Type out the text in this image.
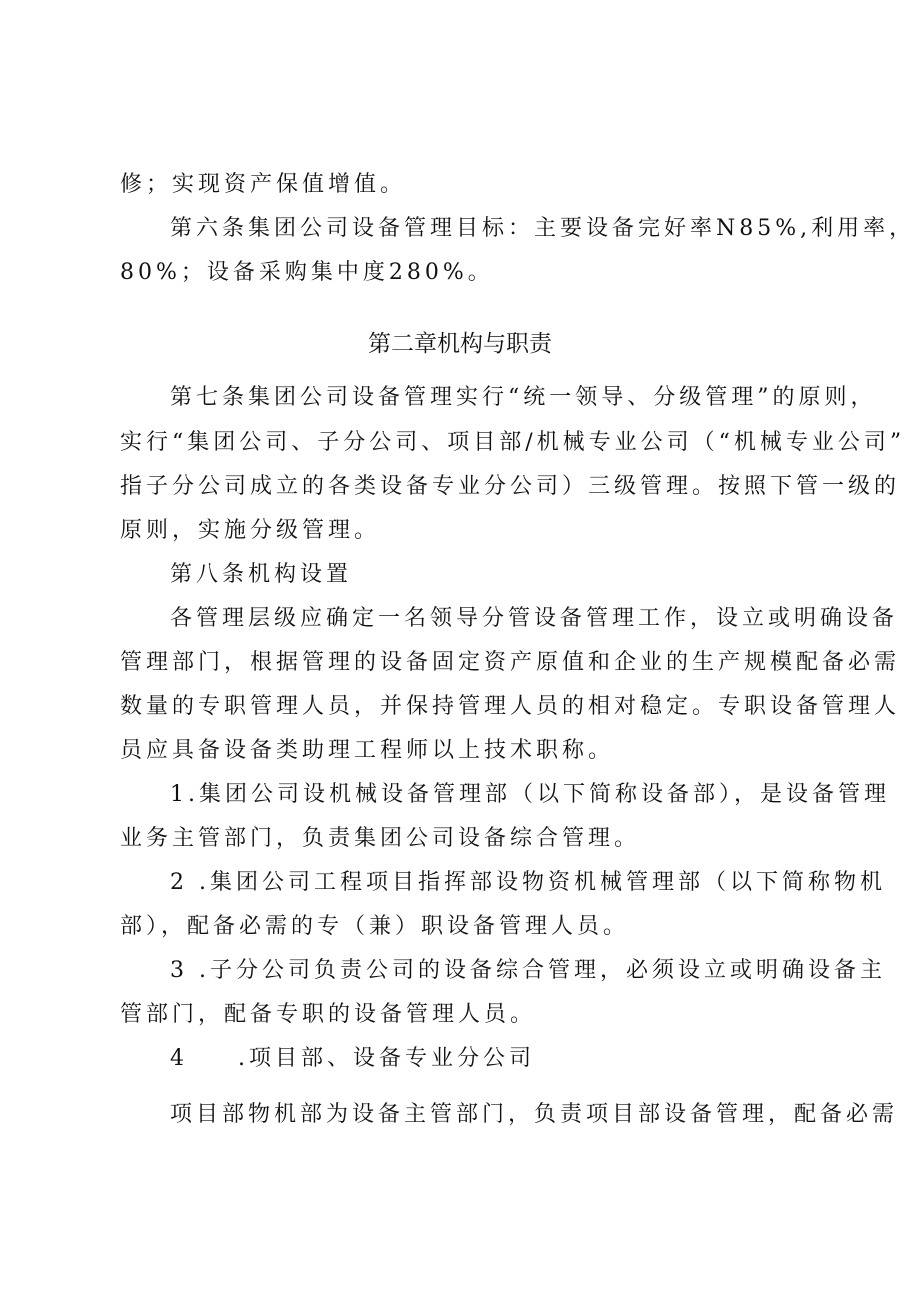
修；实现资产保值增值。
第六条集团公司设备管理目标：主要设备完好率N85%,利用率，
80%；设备采购集中度280%。
第二章机构与职责
第七条集团公司设备管理实行“统一领导、分级管理”的原则，
实行“集团公司、子分公司、项目部/机械专业公司（“机械专业公司”
指子分公司成立的各类设备专业分公司）三级管理。按照下管一级的
原则，实施分级管理。
第八条机构设置
各管理层级应确定一名领导分管设备管理工作，设立或明确设备
管理部门，根据管理的设备固定资产原值和企业的生产规模配备必需
数量的专职管理人员，并保持管理人员的相对稳定。专职设备管理人
员应具备设备类助理工程师以上技术职称。
1.集团公司设机械设备管理部（以下简称设备部），是设备管理
业务主管部门，负责集团公司设备综合管理。
2 .集团公司工程项目指挥部设物资机械管理部（以下简称物机
部），配备必需的专（兼）职设备管理人员。
3 .子分公司负责公司的设备综合管理，必须设立或明确设备主
管部门，配备专职的设备管理人员。
4 .项目部、设备专业分公司
项目部物机部为设备主管部门，负责项目部设备管理，配备必需
